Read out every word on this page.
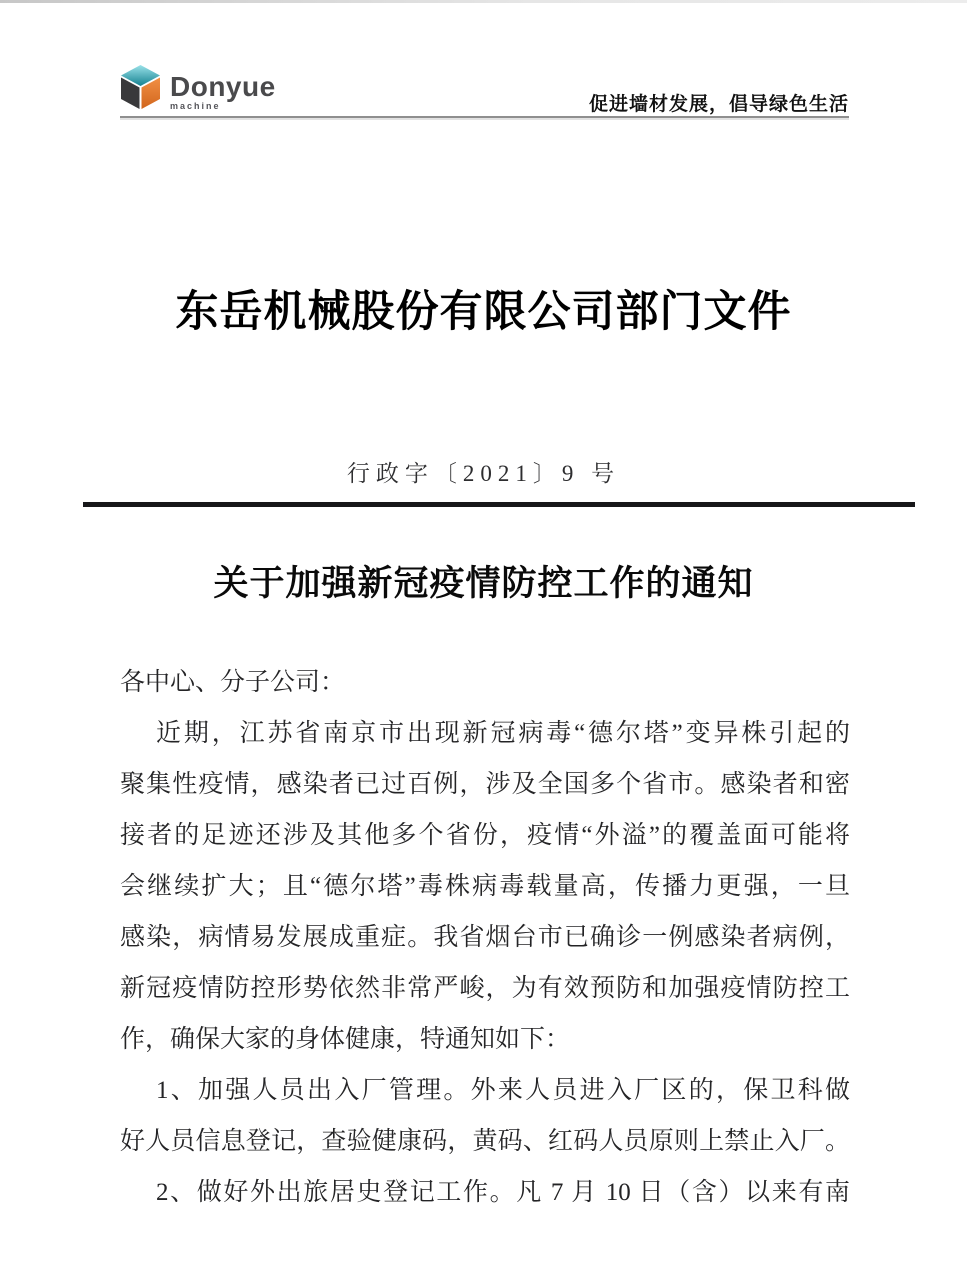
Donyue
machine	促进墙材发展，倡导绿色生活
东岳机械股份有限公司部门文件
行政字〔2021〕9 号
关于加强新冠疫情防控工作的通知

各中心、分子公司：

近期，江苏省南京市出现新冠病毒“德尔塔”变异株引起的

聚集性疫情，感染者已过百例，涉及全国多个省市。感染者和密

接者的足迹还涉及其他多个省份，疫情“外溢”的覆盖面可能将

会继续扩大；且“德尔塔”毒株病毒载量高，传播力更强，一旦

感染，病情易发展成重症。我省烟台市已确诊一例感染者病例，

新冠疫情防控形势依然非常严峻，为有效预防和加强疫情防控工

作，确保大家的身体健康，特通知如下：

1、加强人员出入厂管理。外来人员进入厂区的，保卫科做

好人员信息登记，查验健康码，黄码、红码人员原则上禁止入厂。

2、做好外出旅居史登记工作。凡 7 月 10 日（含）以来有南
